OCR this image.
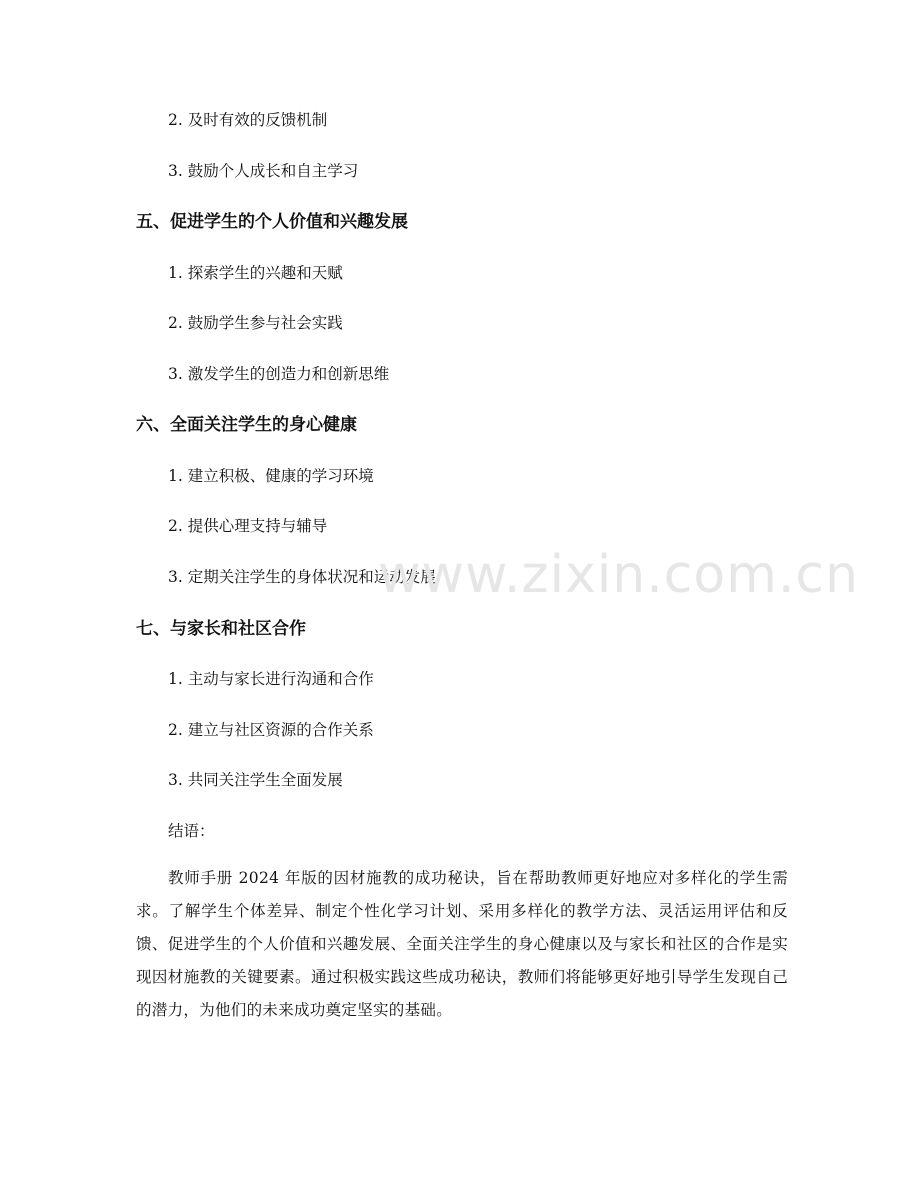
2. 及时有效的反馈机制
3. 鼓励个人成长和自主学习
五、促进学生的个人价值和兴趣发展
1. 探索学生的兴趣和天赋
2. 鼓励学生参与社会实践
3. 激发学生的创造力和创新思维
六、全面关注学生的身心健康
1. 建立积极、健康的学习环境
2. 提供心理支持与辅导
3. 定期关注学生的身体状况和运动发展
七、与家长和社区合作
1. 主动与家长进行沟通和合作
2. 建立与社区资源的合作关系
3. 共同关注学生全面发展
结语：
教师手册 2024 年版的因材施教的成功秘诀，旨在帮助教师更好地应对多样化的学生需求。了解学生个体差异、制定个性化学习计划、采用多样化的教学方法、灵活运用评估和反馈、促进学生的个人价值和兴趣发展、全面关注学生的身心健康以及与家长和社区的合作是实现因材施教的关键要素。通过积极实践这些成功秘诀，教师们将能够更好地引导学生发现自己的潜力，为他们的未来成功奠定坚实的基础。
www.zixin.com.cn
